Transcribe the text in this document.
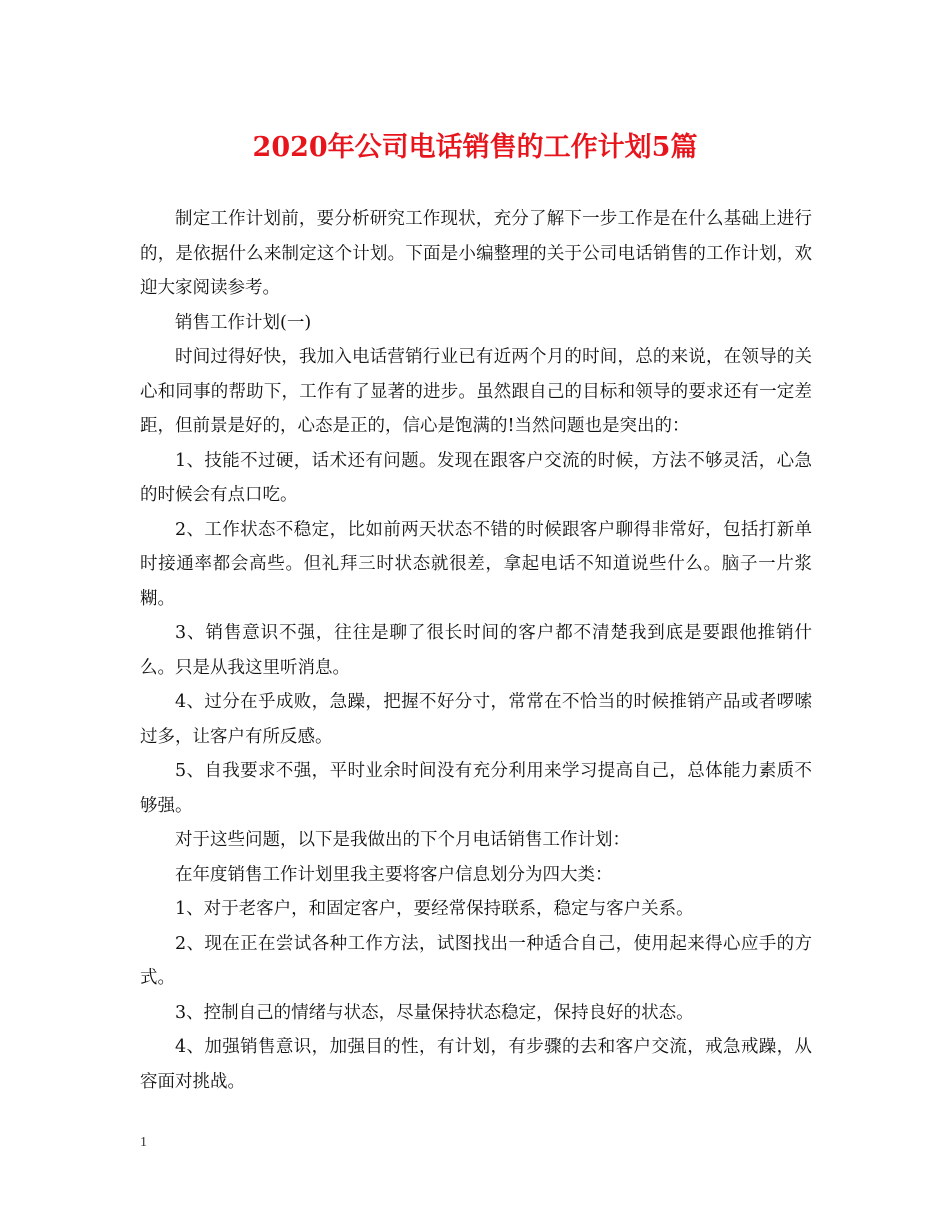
2020年公司电话销售的工作计划5篇

制定工作计划前，要分析研究工作现状，充分了解下一步工作是在什么基础上进行的，是依据什么来制定这个计划。下面是小编整理的关于公司电话销售的工作计划，欢迎大家阅读参考。

销售工作计划(一)

时间过得好快，我加入电话营销行业已有近两个月的时间，总的来说，在领导的关心和同事的帮助下，工作有了显著的进步。虽然跟自己的目标和领导的要求还有一定差距，但前景是好的，心态是正的，信心是饱满的!当然问题也是突出的：

1、技能不过硬，话术还有问题。发现在跟客户交流的时候，方法不够灵活，心急的时候会有点口吃。

2、工作状态不稳定，比如前两天状态不错的时候跟客户聊得非常好，包括打新单时接通率都会高些。但礼拜三时状态就很差，拿起电话不知道说些什么。脑子一片浆糊。

3、销售意识不强，往往是聊了很长时间的客户都不清楚我到底是要跟他推销什么。只是从我这里听消息。

4、过分在乎成败，急躁，把握不好分寸，常常在不恰当的时候推销产品或者啰嗦过多，让客户有所反感。

5、自我要求不强，平时业余时间没有充分利用来学习提高自己，总体能力素质不够强。

对于这些问题，以下是我做出的下个月电话销售工作计划：

在年度销售工作计划里我主要将客户信息划分为四大类：

1、对于老客户，和固定客户，要经常保持联系，稳定与客户关系。

2、现在正在尝试各种工作方法，试图找出一种适合自己，使用起来得心应手的方式。

3、控制自己的情绪与状态，尽量保持状态稳定，保持良好的状态。

4、加强销售意识，加强目的性，有计划，有步骤的去和客户交流，戒急戒躁，从容面对挑战。

1
